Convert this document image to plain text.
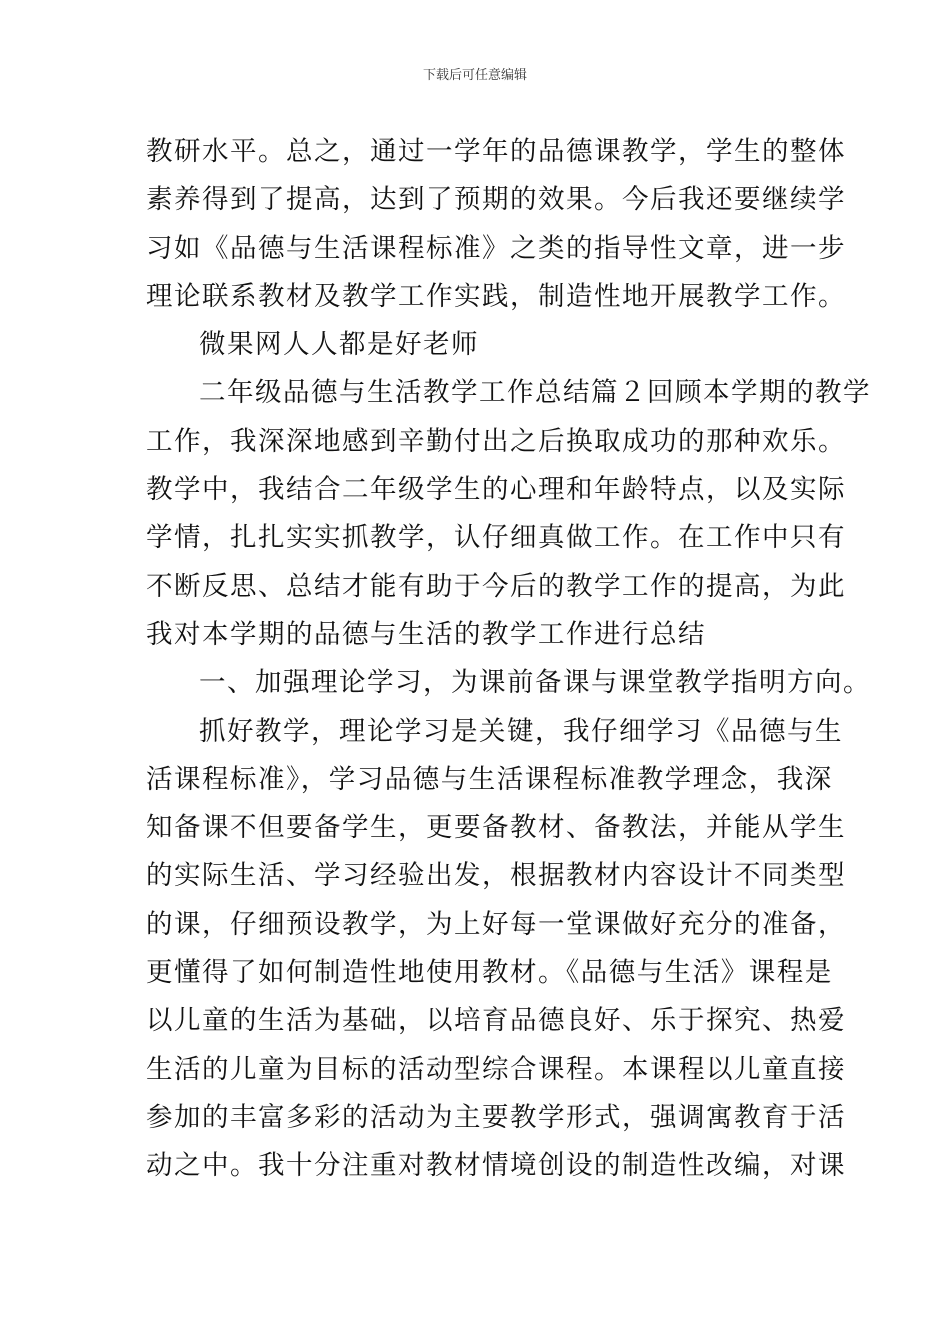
下载后可任意编辑
教研水平。总之，通过一学年的品德课教学，学生的整体
素养得到了提高，达到了预期的效果。今后我还要继续学
习如《品德与生活课程标准》之类的指导性文章，进一步
理论联系教材及教学工作实践，制造性地开展教学工作。
微果网人人都是好老师
二年级品德与生活教学工作总结篇２回顾本学期的教学
工作，我深深地感到辛勤付出之后换取成功的那种欢乐。
教学中，我结合二年级学生的心理和年龄特点，以及实际
学情，扎扎实实抓教学，认仔细真做工作。在工作中只有
不断反思、总结才能有助于今后的教学工作的提高，为此
我对本学期的品德与生活的教学工作进行总结
一、加强理论学习，为课前备课与课堂教学指明方向。
抓好教学，理论学习是关键，我仔细学习《品德与生
活课程标准》，学习品德与生活课程标准教学理念，我深
知备课不但要备学生，更要备教材、备教法，并能从学生
的实际生活、学习经验出发，根据教材内容设计不同类型
的课，仔细预设教学，为上好每一堂课做好充分的准备，
更懂得了如何制造性地使用教材。《品德与生活》课程是
以儿童的生活为基础，以培育品德良好、乐于探究、热爱
生活的儿童为目标的活动型综合课程。本课程以儿童直接
参加的丰富多彩的活动为主要教学形式，强调寓教育于活
动之中。我十分注重对教材情境创设的制造性改编，对课
